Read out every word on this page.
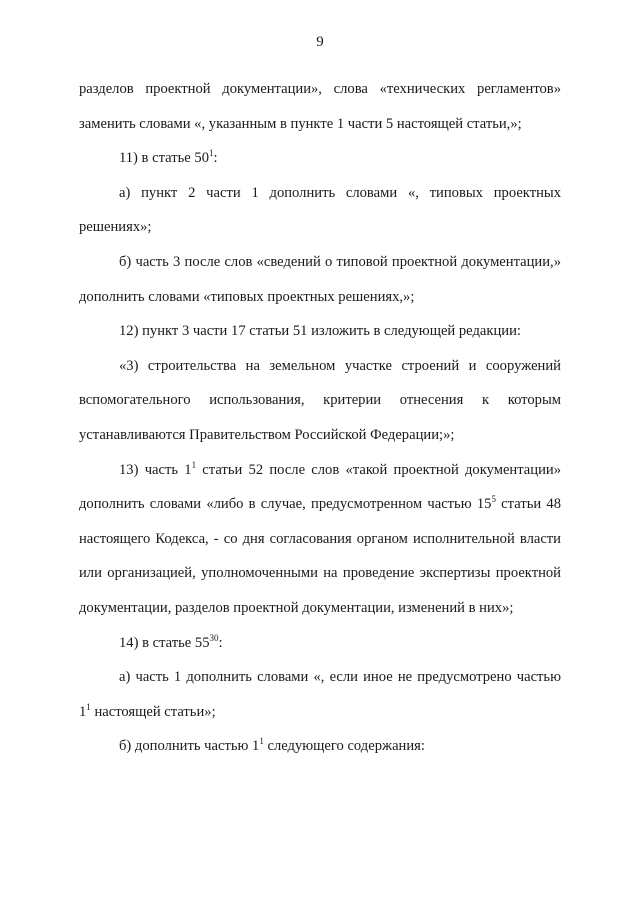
9

разделов проектной документации», слова «технических регламентов» заменить словами «, указанным в пункте 1 части 5 настоящей статьи,»;

11) в статье $50^1$:

а) пункт 2 части 1 дополнить словами «, типовых проектных решениях»;

б) часть 3 после слов «сведений о типовой проектной документации,» дополнить словами «типовых проектных решениях,»;

12) пункт 3 части 17 статьи 51 изложить в следующей редакции:

«3) строительства на земельном участке строений и сооружений вспомогательного использования, критерии отнесения к которым устанавливаются Правительством Российской Федерации;»;

13) часть $1^1$ статьи 52 после слов «такой проектной документации» дополнить словами «либо в случае, предусмотренном частью $15^5$ статьи 48 настоящего Кодекса, - со дня согласования органом исполнительной власти или организацией, уполномоченными на проведение экспертизы проектной документации, разделов проектной документации, изменений в них»;

14) в статье $55^{30}$:

а) часть 1 дополнить словами «, если иное не предусмотрено частью $1^1$ настоящей статьи»;

б) дополнить частью $1^1$ следующего содержания:
